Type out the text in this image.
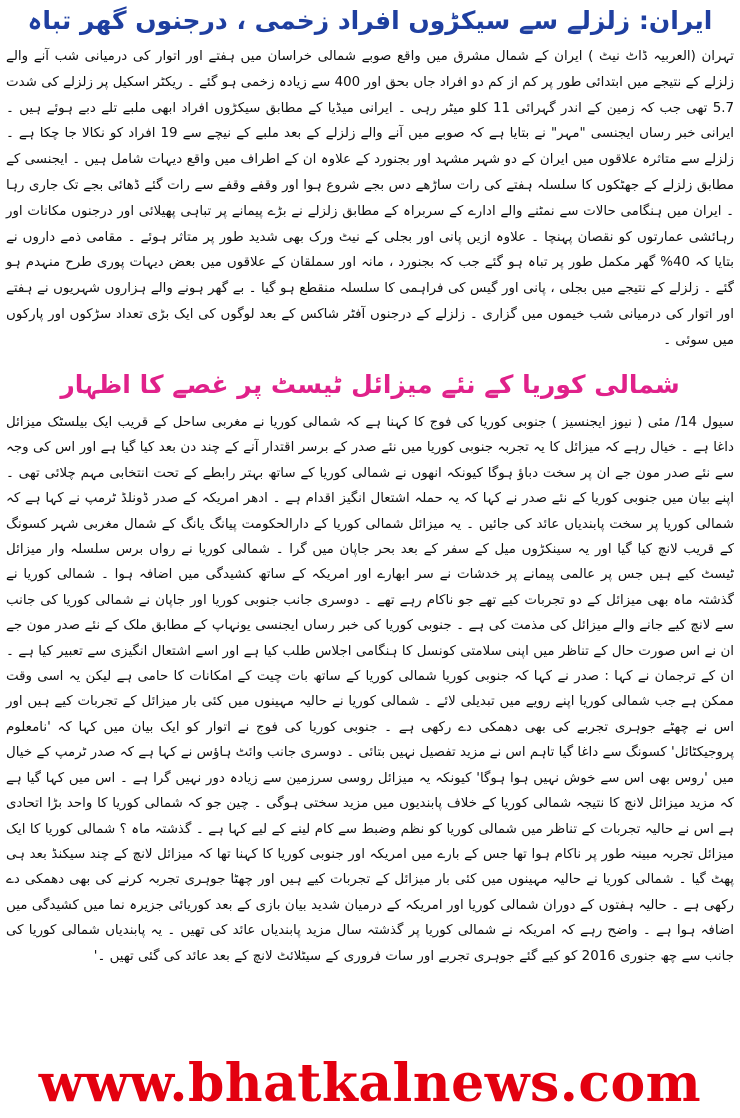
ایران: زلزلے سے سیکڑوں افراد زخمی ، درجنوں گھر تباہ

تہران (العربیہ ڈاٹ نیٹ ) ایران کے شمال مشرق میں واقع صوبے شمالی خراسان میں ہفتے اور اتوار کی درمیانی شب آنے والے زلزلے کے نتیجے میں ابتدائی طور پر کم از کم دو افراد جاں بحق اور 400 سے زیادہ زخمی ہو گئے ۔ ریکٹر اسکیل پر زلزلے کی شدت 5.7 تھی جب کہ زمین کے اندر گہرائی 11 کلو میٹر رہی ۔ ایرانی میڈیا کے مطابق سیکڑوں افراد ابھی ملبے تلے دبے ہوئے ہیں ۔ ایرانی خبر رساں ایجنسی "مہر" نے بتایا ہے کہ صوبے میں آنے والے زلزلے کے بعد ملبے کے نیچے سے 19 افراد کو نکالا جا چکا ہے ۔ زلزلے سے متاثرہ علاقوں میں ایران کے دو شہر مشہد اور بجنورد کے علاوہ ان کے اطراف میں واقع دیہات شامل ہیں ۔ ایجنسی کے مطابق زلزلے کے جھٹکوں کا سلسلہ ہفتے کی رات ساڑھے دس بجے شروع ہوا اور وقفے وقفے سے رات گئے ڈھائی بجے تک جاری رہا ۔ ایران میں ہنگامی حالات سے نمٹنے والے ادارے کے سربراہ کے مطابق زلزلے نے بڑے پیمانے پر تباہی پھیلائی اور درجنوں مکانات اور رہائشی عمارتوں کو نقصان پہنچا ۔ علاوہ ازیں پانی اور بجلی کے نیٹ ورک بھی شدید طور پر متاثر ہوئے ۔ مقامی ذمے داروں نے بتایا کہ 40% گھر مکمل طور پر تباہ ہو گئے جب کہ بجنورد ، مانہ اور سملقان کے علاقوں میں بعض دیہات پوری طرح منہدم ہو گئے ۔ زلزلے کے نتیجے میں بجلی ، پانی اور گیس کی فراہمی کا سلسلہ منقطع ہو گیا ۔ بے گھر ہونے والے ہزاروں شہریوں نے ہفتے اور اتوار کی درمیانی شب خیموں میں گزاری ۔ زلزلے کے درجنوں آفٹر شاکس کے بعد لوگوں کی ایک بڑی تعداد سڑکوں اور پارکوں میں سوئی ۔

شمالی کوریا کے نئے میزائل ٹیسٹ پر غصے کا اظہار

سیول 14/ مئی ( نیوز ایجنسیز ) جنوبی کوریا کی فوج کا کہنا ہے کہ شمالی کوریا نے مغربی ساحل کے قریب ایک بیلسٹک میزائل داغا ہے ۔ خیال رہے کہ میزائل کا یہ تجربہ جنوبی کوریا میں نئے صدر کے برسر اقتدار آنے کے چند دن بعد کیا گیا ہے اور اس کی وجہ سے نئے صدر مون جے ان پر سخت دباؤ ہوگا کیونکہ انھوں نے شمالی کوریا کے ساتھ بہتر رابطے کے تحت انتخابی مہم چلائی تھی ۔ اپنے بیان میں جنوبی کوریا کے نئے صدر نے کہا کہ یہ حملہ اشتعال انگیز اقدام ہے ۔ ادھر امریکہ کے صدر ڈونلڈ ٹرمپ نے کہا ہے کہ شمالی کوریا پر سخت پابندیاں عائد کی جائیں ۔ یہ میزائل شمالی کوریا کے دارالحکومت پیانگ یانگ کے شمال مغربی شہر کسونگ کے قریب لانچ کیا گیا اور یہ سینکڑوں میل کے سفر کے بعد بحر جاپان میں گرا ۔ شمالی کوریا نے رواں برس سلسلہ وار میزائل ٹیسٹ کیے ہیں جس پر عالمی پیمانے پر خدشات نے سر ابھارے اور امریکہ کے ساتھ کشیدگی میں اضافہ ہوا ۔ شمالی کوریا نے گذشتہ ماہ بھی میزائل کے دو تجربات کیے تھے جو ناکام رہے تھے ۔ دوسری جانب جنوبی کوریا اور جاپان نے شمالی کوریا کی جانب سے لانچ کیے جانے والے میزائل کی مذمت کی ہے ۔ جنوبی کوریا کی خبر رساں ایجنسی یونہاپ کے مطابق ملک کے نئے صدر مون جے ان نے اس صورت حال کے تناظر میں اپنی سلامتی کونسل کا ہنگامی اجلاس طلب کیا ہے اور اسے اشتعال انگیزی سے تعبیر کیا ہے ۔ ان کے ترجمان نے کہا : صدر نے کہا کہ جنوبی کوریا شمالی کوریا کے ساتھ بات چیت کے امکانات کا حامی ہے لیکن یہ اسی وقت ممکن ہے جب شمالی کوریا اپنے رویے میں تبدیلی لائے ۔ شمالی کوریا نے حالیہ مہینوں میں کئی بار میزائل کے تجربات کیے ہیں اور اس نے چھٹے جوہری تجربے کی بھی دھمکی دے رکھی ہے ۔ جنوبی کوریا کی فوج نے اتوار کو ایک بیان میں کہا کہ 'نامعلوم پروجیکٹائل' کسونگ سے داغا گیا تاہم اس نے مزید تفصیل نہیں بتائی ۔ دوسری جانب وائٹ ہاؤس نے کہا ہے کہ صدر ٹرمپ کے خیال میں 'روس بھی اس سے خوش نہیں ہوا ہوگا' کیونکہ یہ میزائل روسی سرزمین سے زیادہ دور نہیں گرا ہے ۔ اس میں کہا گیا ہے کہ مزید میزائل لانچ کا نتیجہ شمالی کوریا کے خلاف پابندیوں میں مزید سختی ہوگی ۔ چین جو کہ شمالی کوریا کا واحد بڑا اتحادی ہے اس نے حالیہ تجربات کے تناظر میں شمالی کوریا کو نظم وضبط سے کام لینے کے لیے کہا ہے ۔ گذشتہ ماہ ؟ شمالی کوریا کا ایک میزائل تجربہ مبینہ طور پر ناکام ہوا تھا جس کے بارے میں امریکہ اور جنوبی کوریا کا کہنا تھا کہ میزائل لانچ کے چند سیکنڈ بعد ہی پھٹ گیا ۔ شمالی کوریا نے حالیہ مہینوں میں کئی بار میزائل کے تجربات کیے ہیں اور چھٹا جوہری تجربہ کرنے کی بھی دھمکی دے رکھی ہے ۔ حالیہ ہفتوں کے دوران شمالی کوریا اور امریکہ کے درمیان شدید بیان بازی کے بعد کوریائی جزیرہ نما میں کشیدگی میں اضافہ ہوا ہے ۔ واضح رہے کہ امریکہ نے شمالی کوریا پر گذشتہ سال مزید پابندیاں عائد کی تھیں ۔ یہ پابندیاں شمالی کوریا کی جانب سے چھ جنوری 2016 کو کیے گئے جوہری تجربے اور سات فروری کے سیٹلائٹ لانچ کے بعد عائد کی گئی تھیں ۔'

www.bhatkalnews.com
